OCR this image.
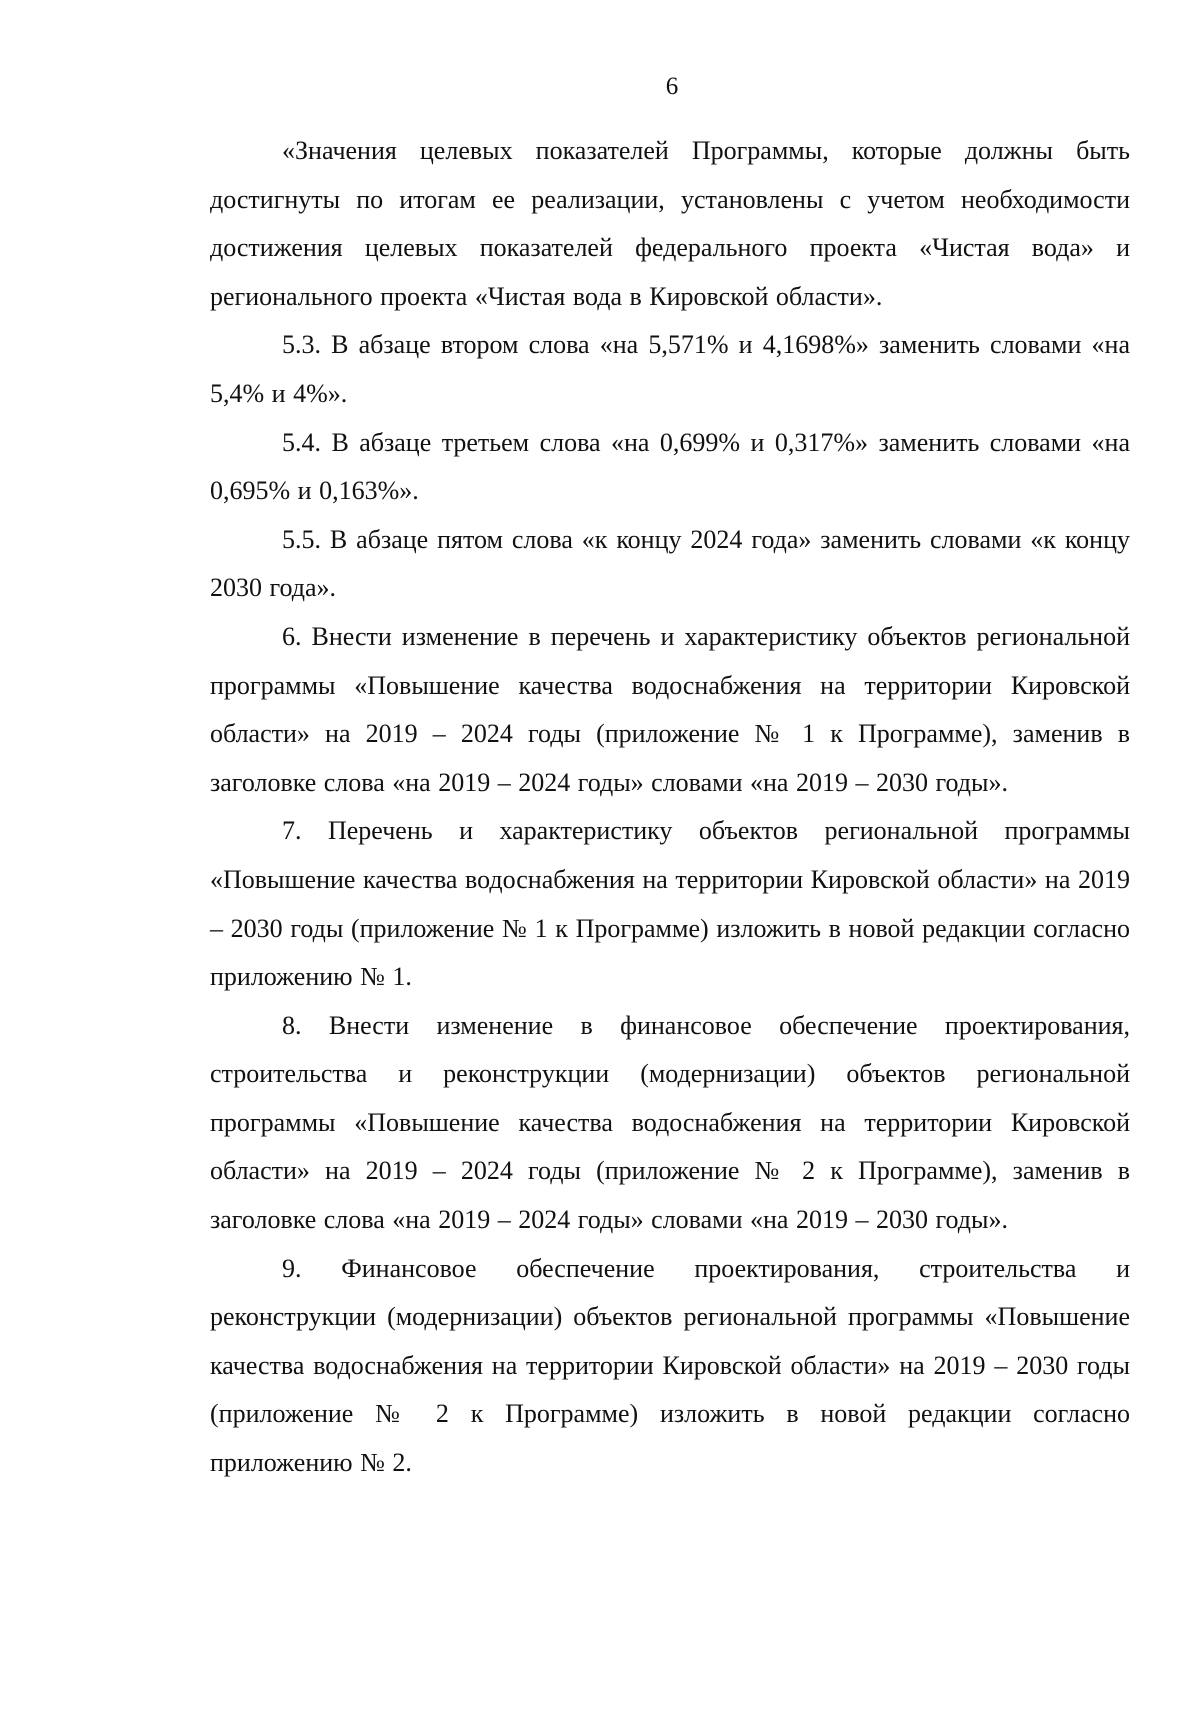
6

«Значения целевых показателей Программы, которые должны быть достигнуты по итогам ее реализации, установлены с учетом необходимости достижения целевых показателей федерального проекта «Чистая вода» и регионального проекта «Чистая вода в Кировской области».

5.3. В абзаце втором слова «на 5,571% и 4,1698%» заменить словами «на 5,4% и 4%».

5.4. В абзаце третьем слова «на 0,699% и 0,317%» заменить словами «на 0,695% и 0,163%».

5.5. В абзаце пятом слова «к концу 2024 года» заменить словами «к концу 2030 года».

6. Внести изменение в перечень и характеристику объектов региональной программы «Повышение качества водоснабжения на территории Кировской области» на 2019 – 2024 годы (приложение № 1 к Программе), заменив в заголовке слова «на 2019 – 2024 годы» словами «на 2019 – 2030 годы».

7. Перечень и характеристику объектов региональной программы «Повышение качества водоснабжения на территории Кировской области» на 2019 – 2030 годы (приложение № 1 к Программе) изложить в новой редакции согласно приложению № 1.

8. Внести изменение в финансовое обеспечение проектирования, строительства и реконструкции (модернизации) объектов региональной программы «Повышение качества водоснабжения на территории Кировской области» на 2019 – 2024 годы (приложение № 2 к Программе), заменив в заголовке слова «на 2019 – 2024 годы» словами «на 2019 – 2030 годы».

9. Финансовое обеспечение проектирования, строительства и реконструкции (модернизации) объектов региональной программы «Повышение качества водоснабжения на территории Кировской области» на 2019 – 2030 годы (приложение № 2 к Программе) изложить в новой редакции согласно приложению № 2.
